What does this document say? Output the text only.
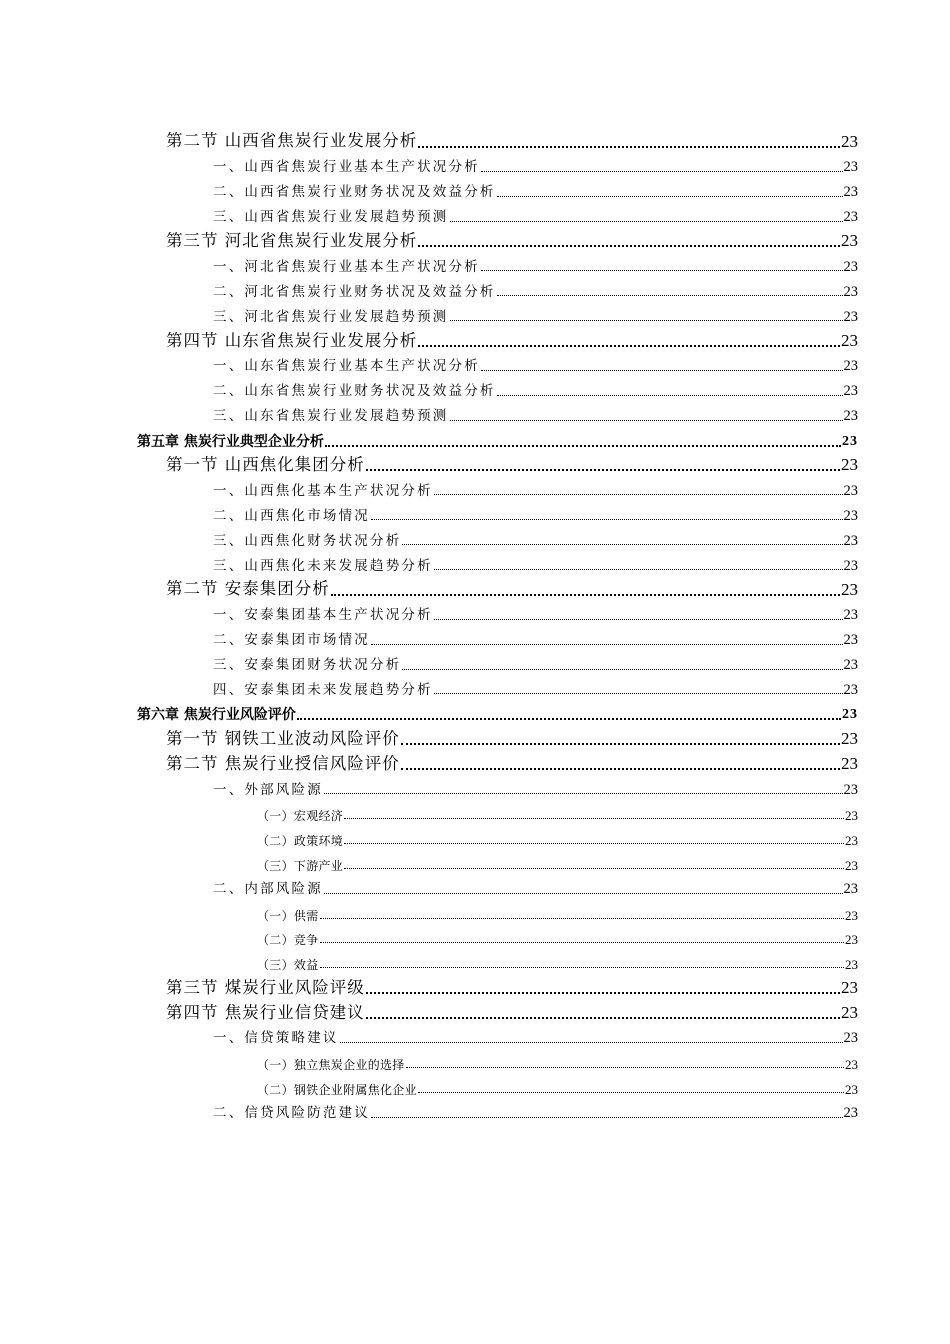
第二节 山西省焦炭行业发展分析	23
一、山西省焦炭行业基本生产状况分析	23
二、山西省焦炭行业财务状况及效益分析	23
三、山西省焦炭行业发展趋势预测	23
第三节 河北省焦炭行业发展分析	23
一、河北省焦炭行业基本生产状况分析	23
二、河北省焦炭行业财务状况及效益分析	23
三、河北省焦炭行业发展趋势预测	23
第四节 山东省焦炭行业发展分析	23
一、山东省焦炭行业基本生产状况分析	23
二、山东省焦炭行业财务状况及效益分析	23
三、山东省焦炭行业发展趋势预测	23
第五章 焦炭行业典型企业分析	23
第一节 山西焦化集团分析	23
一、山西焦化基本生产状况分析	23
二、山西焦化市场情况	23
三、山西焦化财务状况分析	23
三、山西焦化未来发展趋势分析	23
第二节 安泰集团分析	23
一、安泰集团基本生产状况分析	23
二、安泰集团市场情况	23
三、安泰集团财务状况分析	23
四、安泰集团未来发展趋势分析	23
第六章 焦炭行业风险评价	23
第一节 钢铁工业波动风险评价	23
第二节 焦炭行业授信风险评价	23
一、外部风险源	23
（一）宏观经济	23
（二）政策环境	23
（三）下游产业	23
二、内部风险源	23
（一）供需	23
（二）竞争	23
（三）效益	23
第三节 煤炭行业风险评级	23
第四节 焦炭行业信贷建议	23
一、信贷策略建议	23
（一）独立焦炭企业的选择	23
（二）钢铁企业附属焦化企业	23
二、信贷风险防范建议	23
